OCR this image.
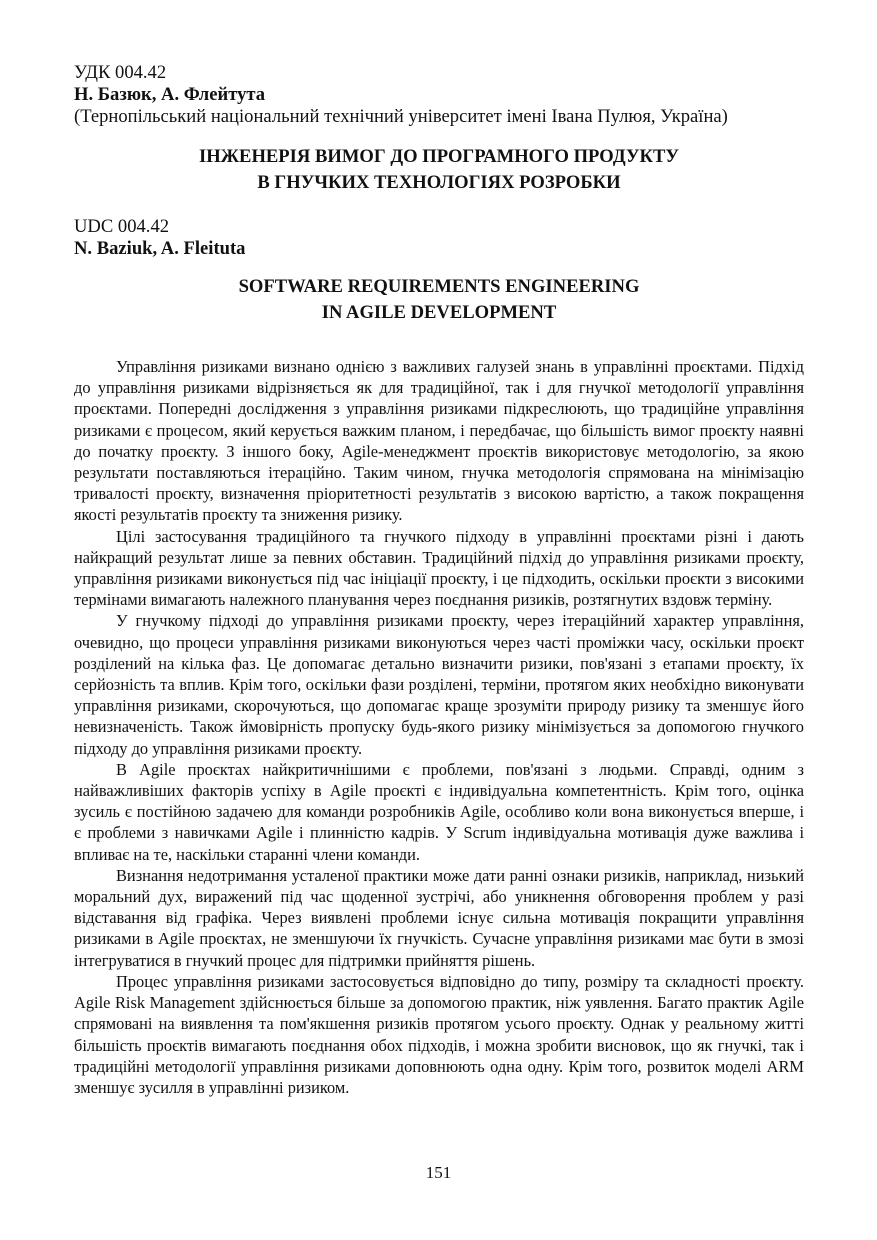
УДК 004.42

Н. Базюк, А. Флейтута

(Тернопільський національний технічний університет імені Івана Пулюя, Україна)

ІНЖЕНЕРІЯ ВИМОГ ДО ПРОГРАМНОГО ПРОДУКТУ

В ГНУЧКИХ ТЕХНОЛОГІЯХ РОЗРОБКИ

UDC 004.42

N. Baziuk, A. Fleituta

SOFTWARE REQUIREMENTS ENGINEERING

IN AGILE DEVELOPMENT

Управління ризиками визнано однією з важливих галузей знань в управлінні проєктами. Підхід до управління ризиками відрізняється як для традиційної, так і для гнучкої методології управління проєктами. Попередні дослідження з управління ризиками підкреслюють, що традиційне управління ризиками є процесом, який керується важким планом, і передбачає, що більшість вимог проєкту наявні до початку проєкту. З іншого боку, Agile-менеджмент проєктів використовує методологію, за якою результати поставляються ітераційно. Таким чином, гнучка методологія спрямована на мінімізацію тривалості проєкту, визначення пріоритетності результатів з високою вартістю, а також покращення якості результатів проєкту та зниження ризику.

Цілі застосування традиційного та гнучкого підходу в управлінні проєктами різні і дають найкращий результат лише за певних обставин. Традиційний підхід до управління ризиками проєкту, управління ризиками виконується під час ініціації проєкту, і це підходить, оскільки проєкти з високими термінами вимагають належного планування через поєднання ризиків, розтягнутих вздовж терміну.

У гнучкому підході до управління ризиками проєкту, через ітераційний характер управління, очевидно, що процеси управління ризиками виконуються через часті проміжки часу, оскільки проєкт розділений на кілька фаз. Це допомагає детально визначити ризики, пов'язані з етапами проєкту, їх серйозність та вплив. Крім того, оскільки фази розділені, терміни, протягом яких необхідно виконувати управління ризиками, скорочуються, що допомагає краще зрозуміти природу ризику та зменшує його невизначеність. Також ймовірність пропуску будь-якого ризику мінімізується за допомогою гнучкого підходу до управління ризиками проєкту.

В Agile проєктах найкритичнішими є проблеми, пов'язані з людьми. Справді, одним з найважливіших факторів успіху в Agile проєкті є індивідуальна компетентність. Крім того, оцінка зусиль є постійною задачею для команди розробників Agile, особливо коли вона виконується вперше, і є проблеми з навичками Agile і плинністю кадрів. У Scrum індивідуальна мотивація дуже важлива і впливає на те, наскільки старанні члени команди.

Визнання недотримання усталеної практики може дати ранні ознаки ризиків, наприклад, низький моральний дух, виражений під час щоденної зустрічі, або уникнення обговорення проблем у разі відставання від графіка. Через виявлені проблеми існує сильна мотивація покращити управління ризиками в Agile проєктах, не зменшуючи їх гнучкість. Сучасне управління ризиками має бути в змозі інтегруватися в гнучкий процес для підтримки прийняття рішень.

Процес управління ризиками застосовується відповідно до типу, розміру та складності проєкту. Agile Risk Management здійснюється більше за допомогою практик, ніж уявлення. Багато практик Agile спрямовані на виявлення та пом'якшення ризиків протягом усього проєкту. Однак у реальному житті більшість проєктів вимагають поєднання обох підходів, і можна зробити висновок, що як гнучкі, так і традиційні методології управління ризиками доповнюють одна одну. Крім того, розвиток моделі ARM зменшує зусилля в управлінні ризиком.

151
